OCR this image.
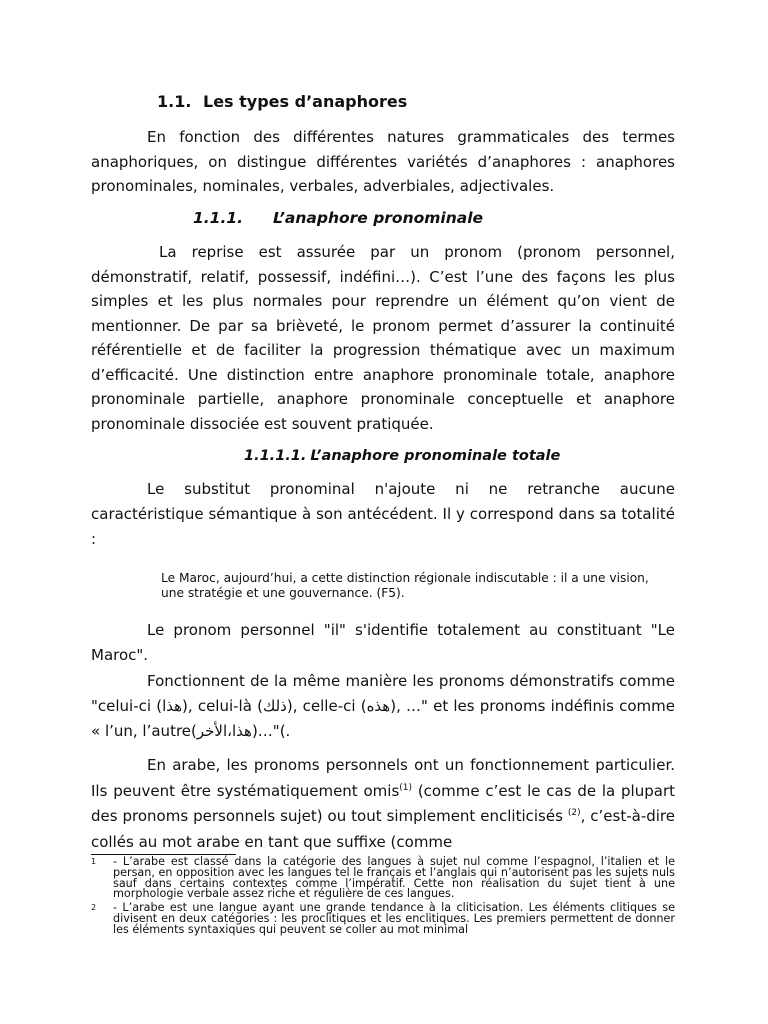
1.1. Les types d’anaphores

En fonction des différentes natures grammaticales des termes anaphoriques, on distingue différentes variétés d’anaphores : anaphores pronominales, nominales, verbales, adverbiales, adjectivales.

1.1.1. L’anaphore pronominale

La reprise est assurée par un pronom (pronom personnel, démonstratif, relatif, possessif, indéfini…). C’est l’une des façons les plus simples et les plus normales pour reprendre un élément qu’on vient de mentionner. De par sa brièveté, le pronom permet d’assurer la continuité référentielle et de faciliter la progression thématique avec un maximum d’efficacité. Une distinction entre anaphore pronominale totale, anaphore pronominale partielle, anaphore pronominale conceptuelle et anaphore pronominale dissociée est souvent pratiquée.

1.1.1.1. L’anaphore pronominale totale

Le substitut pronominal n'ajoute ni ne retranche aucune caractéristique sémantique à son antécédent. Il y correspond dans sa totalité :

Le Maroc, aujourd’hui, a cette distinction régionale indiscutable : il a une vision, une stratégie et une gouvernance. (F5).

Le pronom personnel "il" s'identifie totalement au constituant "Le Maroc".

Fonctionnent de la même manière les pronoms démonstratifs comme "celui-ci (هذا), celui-là (ذلك), celle-ci (هذه), …" et les pronoms indéfinis comme « l’un, l’autre(هذا،الأخر)…"(.

En arabe, les pronoms personnels ont un fonctionnement particulier. Ils peuvent être systématiquement omis$^{(1)}$ (comme c’est le cas de la plupart des pronoms personnels sujet) ou tout simplement encliticisés $^{(2)}$, c’est-à-dire collés au mot arabe en tant que suffixe (comme

1	- L’arabe est classé dans la catégorie des langues à sujet nul comme l’espagnol, l’italien et le persan, en opposition avec les langues tel le français et l’anglais qui n’autorisent pas les sujets nuls sauf dans certains contextes comme l’impératif. Cette non réalisation du sujet tient à une morphologie verbale assez riche et régulière de ces langues.
2	- L’arabe est une langue ayant une grande tendance à la cliticisation. Les éléments clitiques se divisent en deux catégories : les proclitiques et les enclitiques. Les premiers permettent de donner les éléments syntaxiques qui peuvent se coller au mot minimal
